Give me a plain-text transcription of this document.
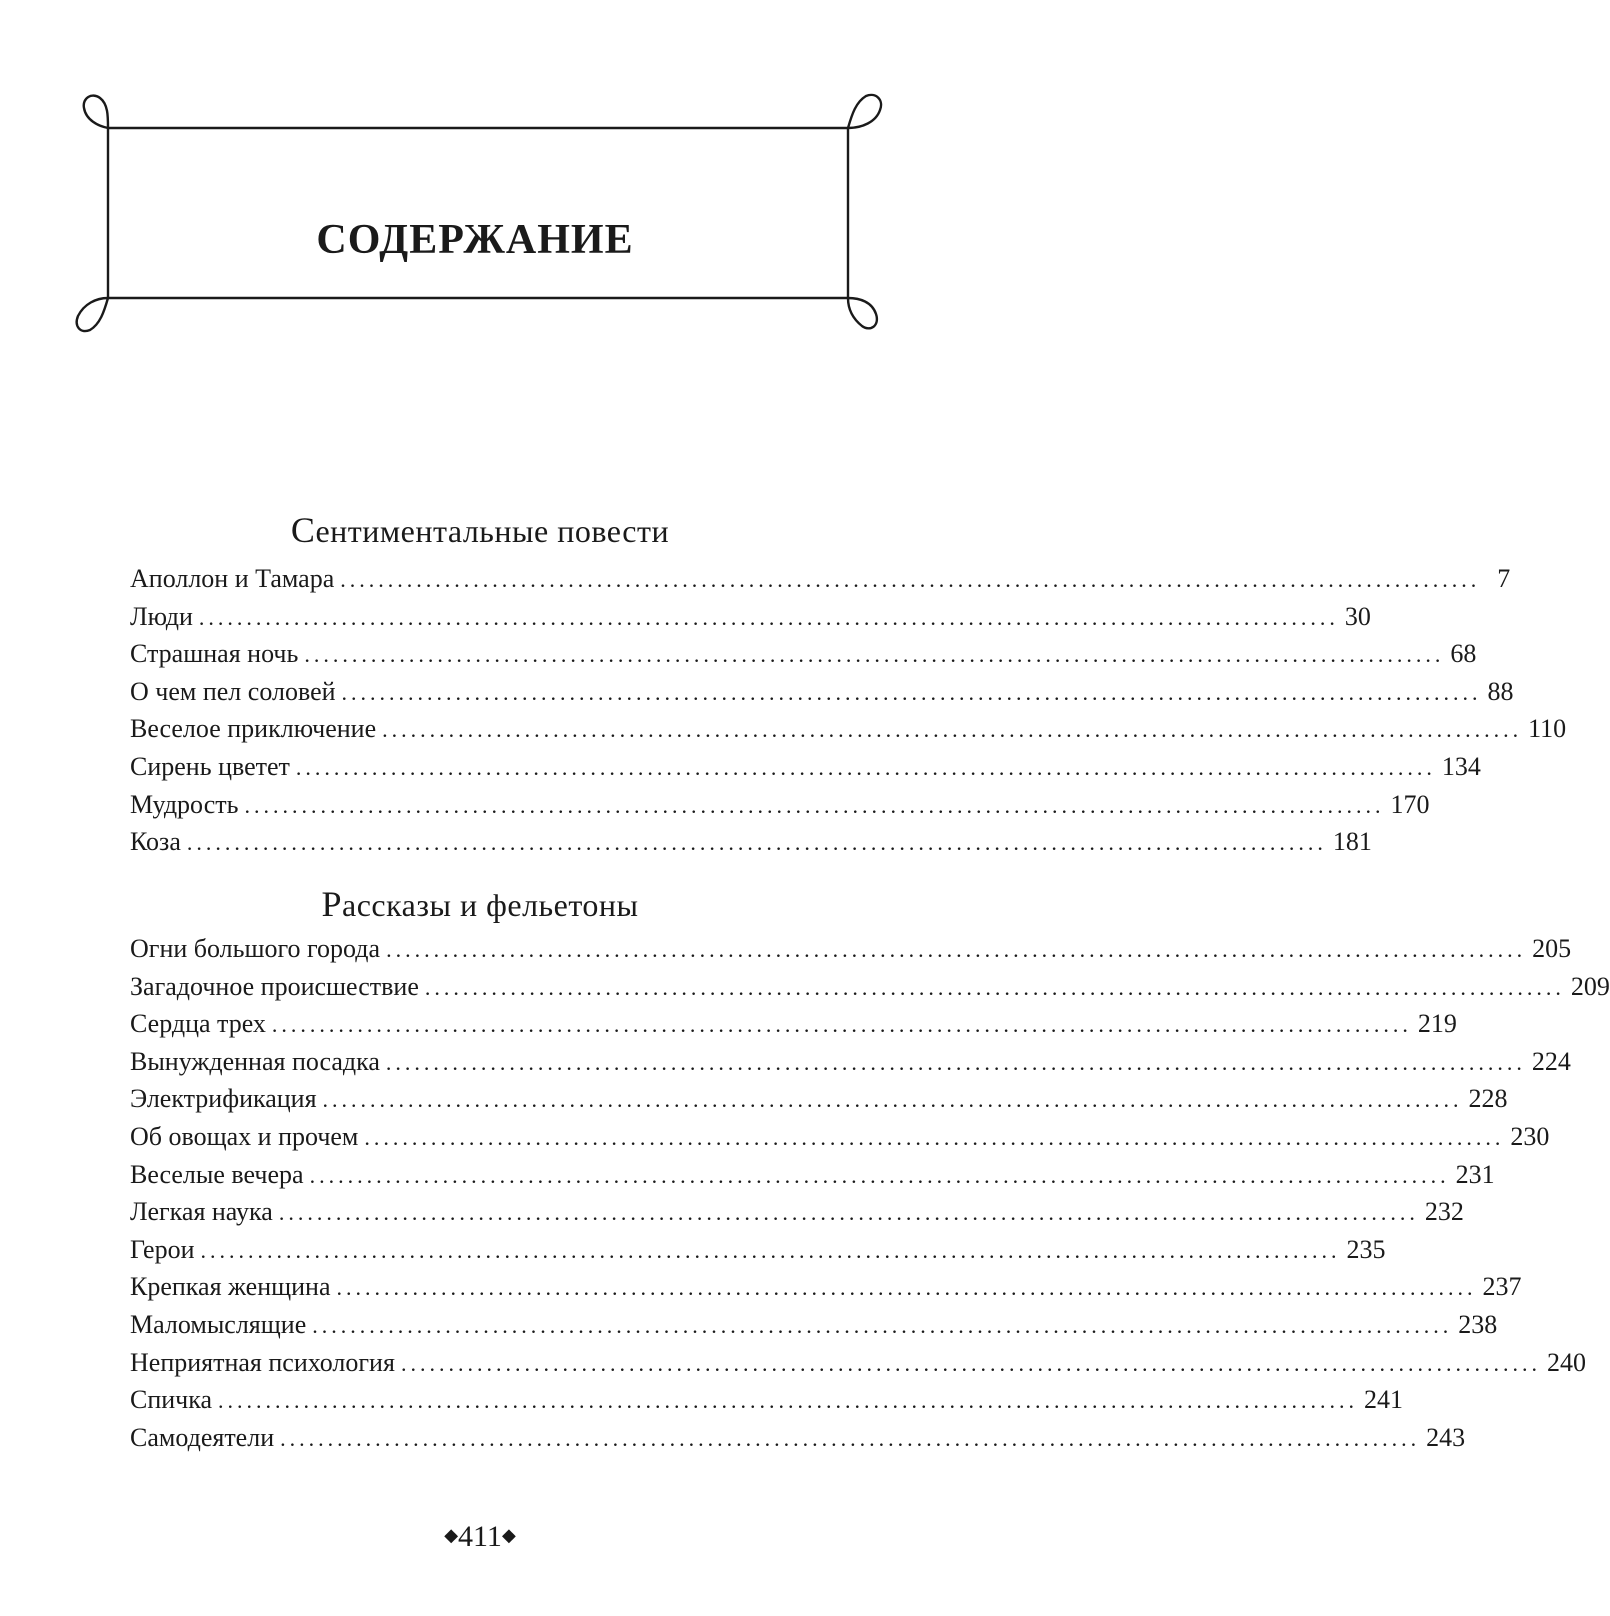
СОДЕРЖАНИЕ
Сентиментальные повести
Аполлон и Тамара ........................................................................................................................ 7
Люди ........................................................................................................................ 30
Страшная ночь ........................................................................................................................ 68
О чем пел соловей ........................................................................................................................ 88
Веселое приключение ........................................................................................................................ 110
Сирень цветет ........................................................................................................................ 134
Мудрость ........................................................................................................................ 170
Коза ........................................................................................................................ 181
Рассказы и фельетоны
Огни большого города ........................................................................................................................ 205
Загадочное происшествие ........................................................................................................................ 209
Сердца трех ........................................................................................................................ 219
Вынужденная посадка ........................................................................................................................ 224
Электрификация ........................................................................................................................ 228
Об овощах и прочем ........................................................................................................................ 230
Веселые вечера ........................................................................................................................ 231
Легкая наука ........................................................................................................................ 232
Герои ........................................................................................................................ 235
Крепкая женщина ........................................................................................................................ 237
Маломыслящие ........................................................................................................................ 238
Неприятная психология ........................................................................................................................ 240
Спичка ........................................................................................................................ 241
Самодеятели ........................................................................................................................ 243
◆411◆
